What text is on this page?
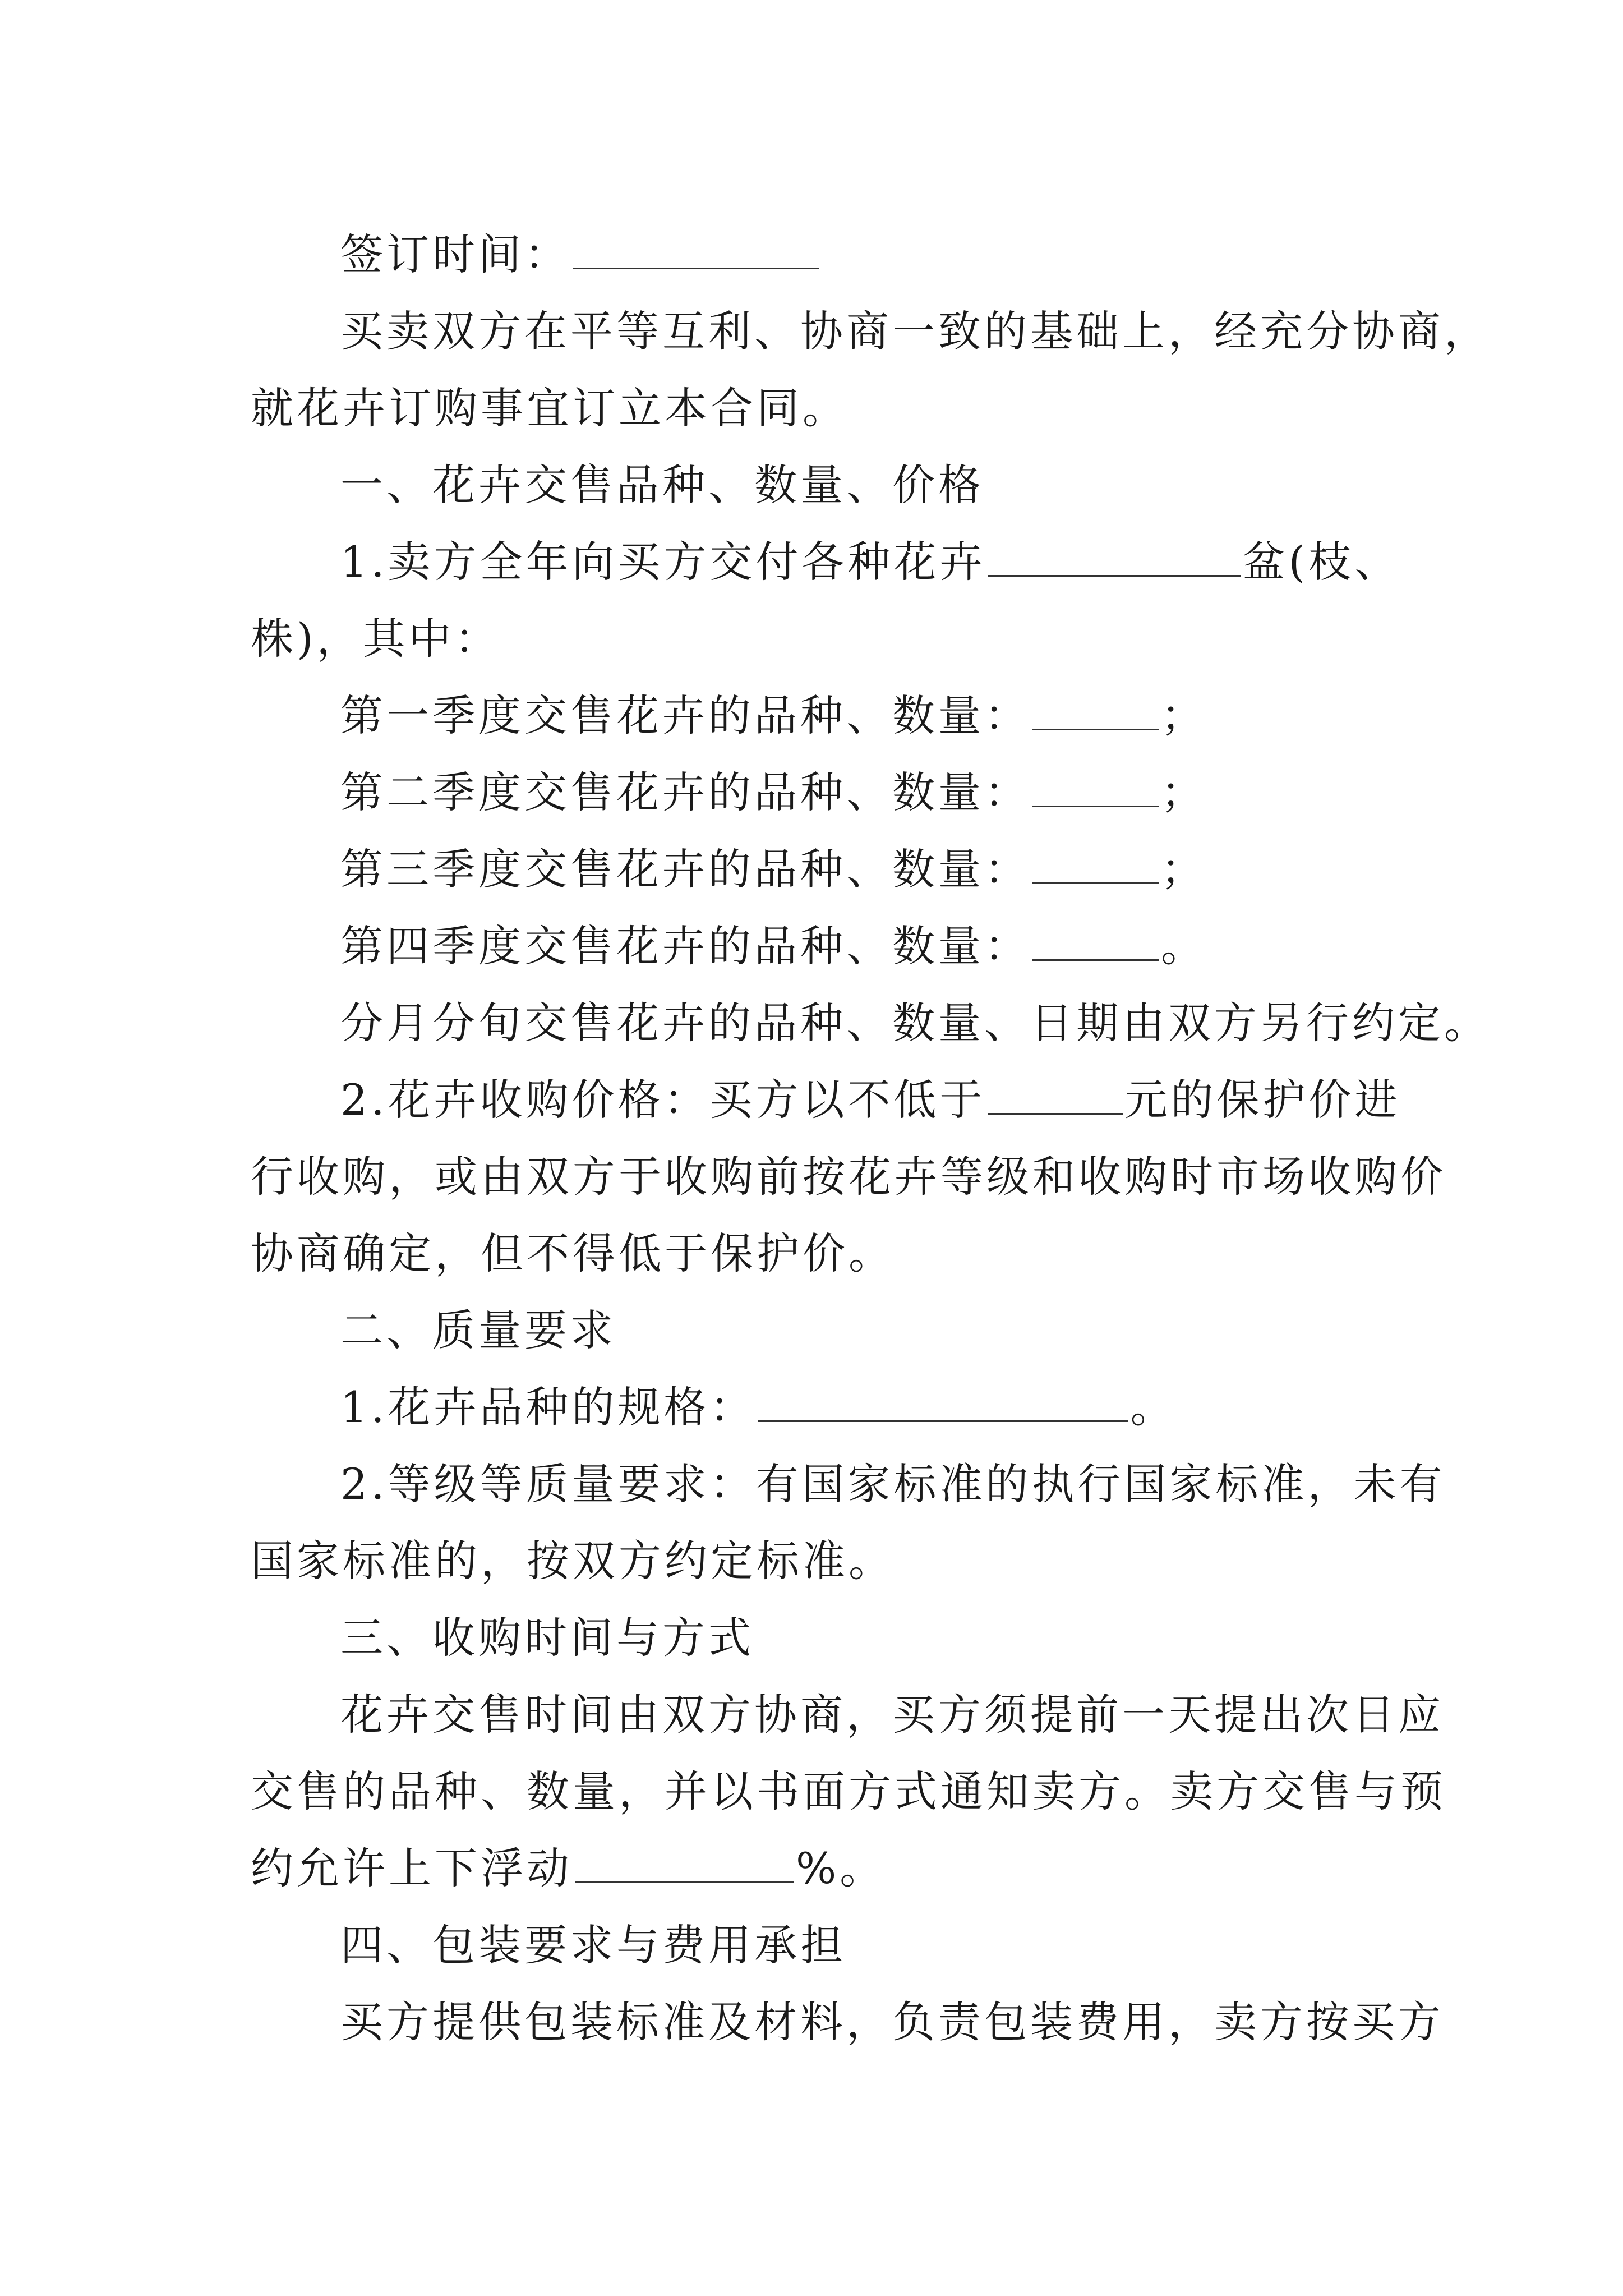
签订时间：
买卖双方在平等互利、协商一致的基础上，经充分协商，
就花卉订购事宜订立本合同。
一、花卉交售品种、数量、价格
1.卖方全年向买方交付各种花卉	盆(枝、
株)，其中：
第一季度交售花卉的品种、数量：	；
第二季度交售花卉的品种、数量：	；
第三季度交售花卉的品种、数量：	；
第四季度交售花卉的品种、数量：	。
分月分旬交售花卉的品种、数量、日期由双方另行约定。
2.花卉收购价格：买方以不低于	元的保护价进
行收购，或由双方于收购前按花卉等级和收购时市场收购价
协商确定，但不得低于保护价。
二、质量要求
1.花卉品种的规格：	。
2.等级等质量要求：有国家标准的执行国家标准，未有
国家标准的，按双方约定标准。
三、收购时间与方式
花卉交售时间由双方协商，买方须提前一天提出次日应
交售的品种、数量，并以书面方式通知卖方。卖方交售与预
约允许上下浮动	%。
四、包装要求与费用承担
买方提供包装标准及材料，负责包装费用，卖方按买方
